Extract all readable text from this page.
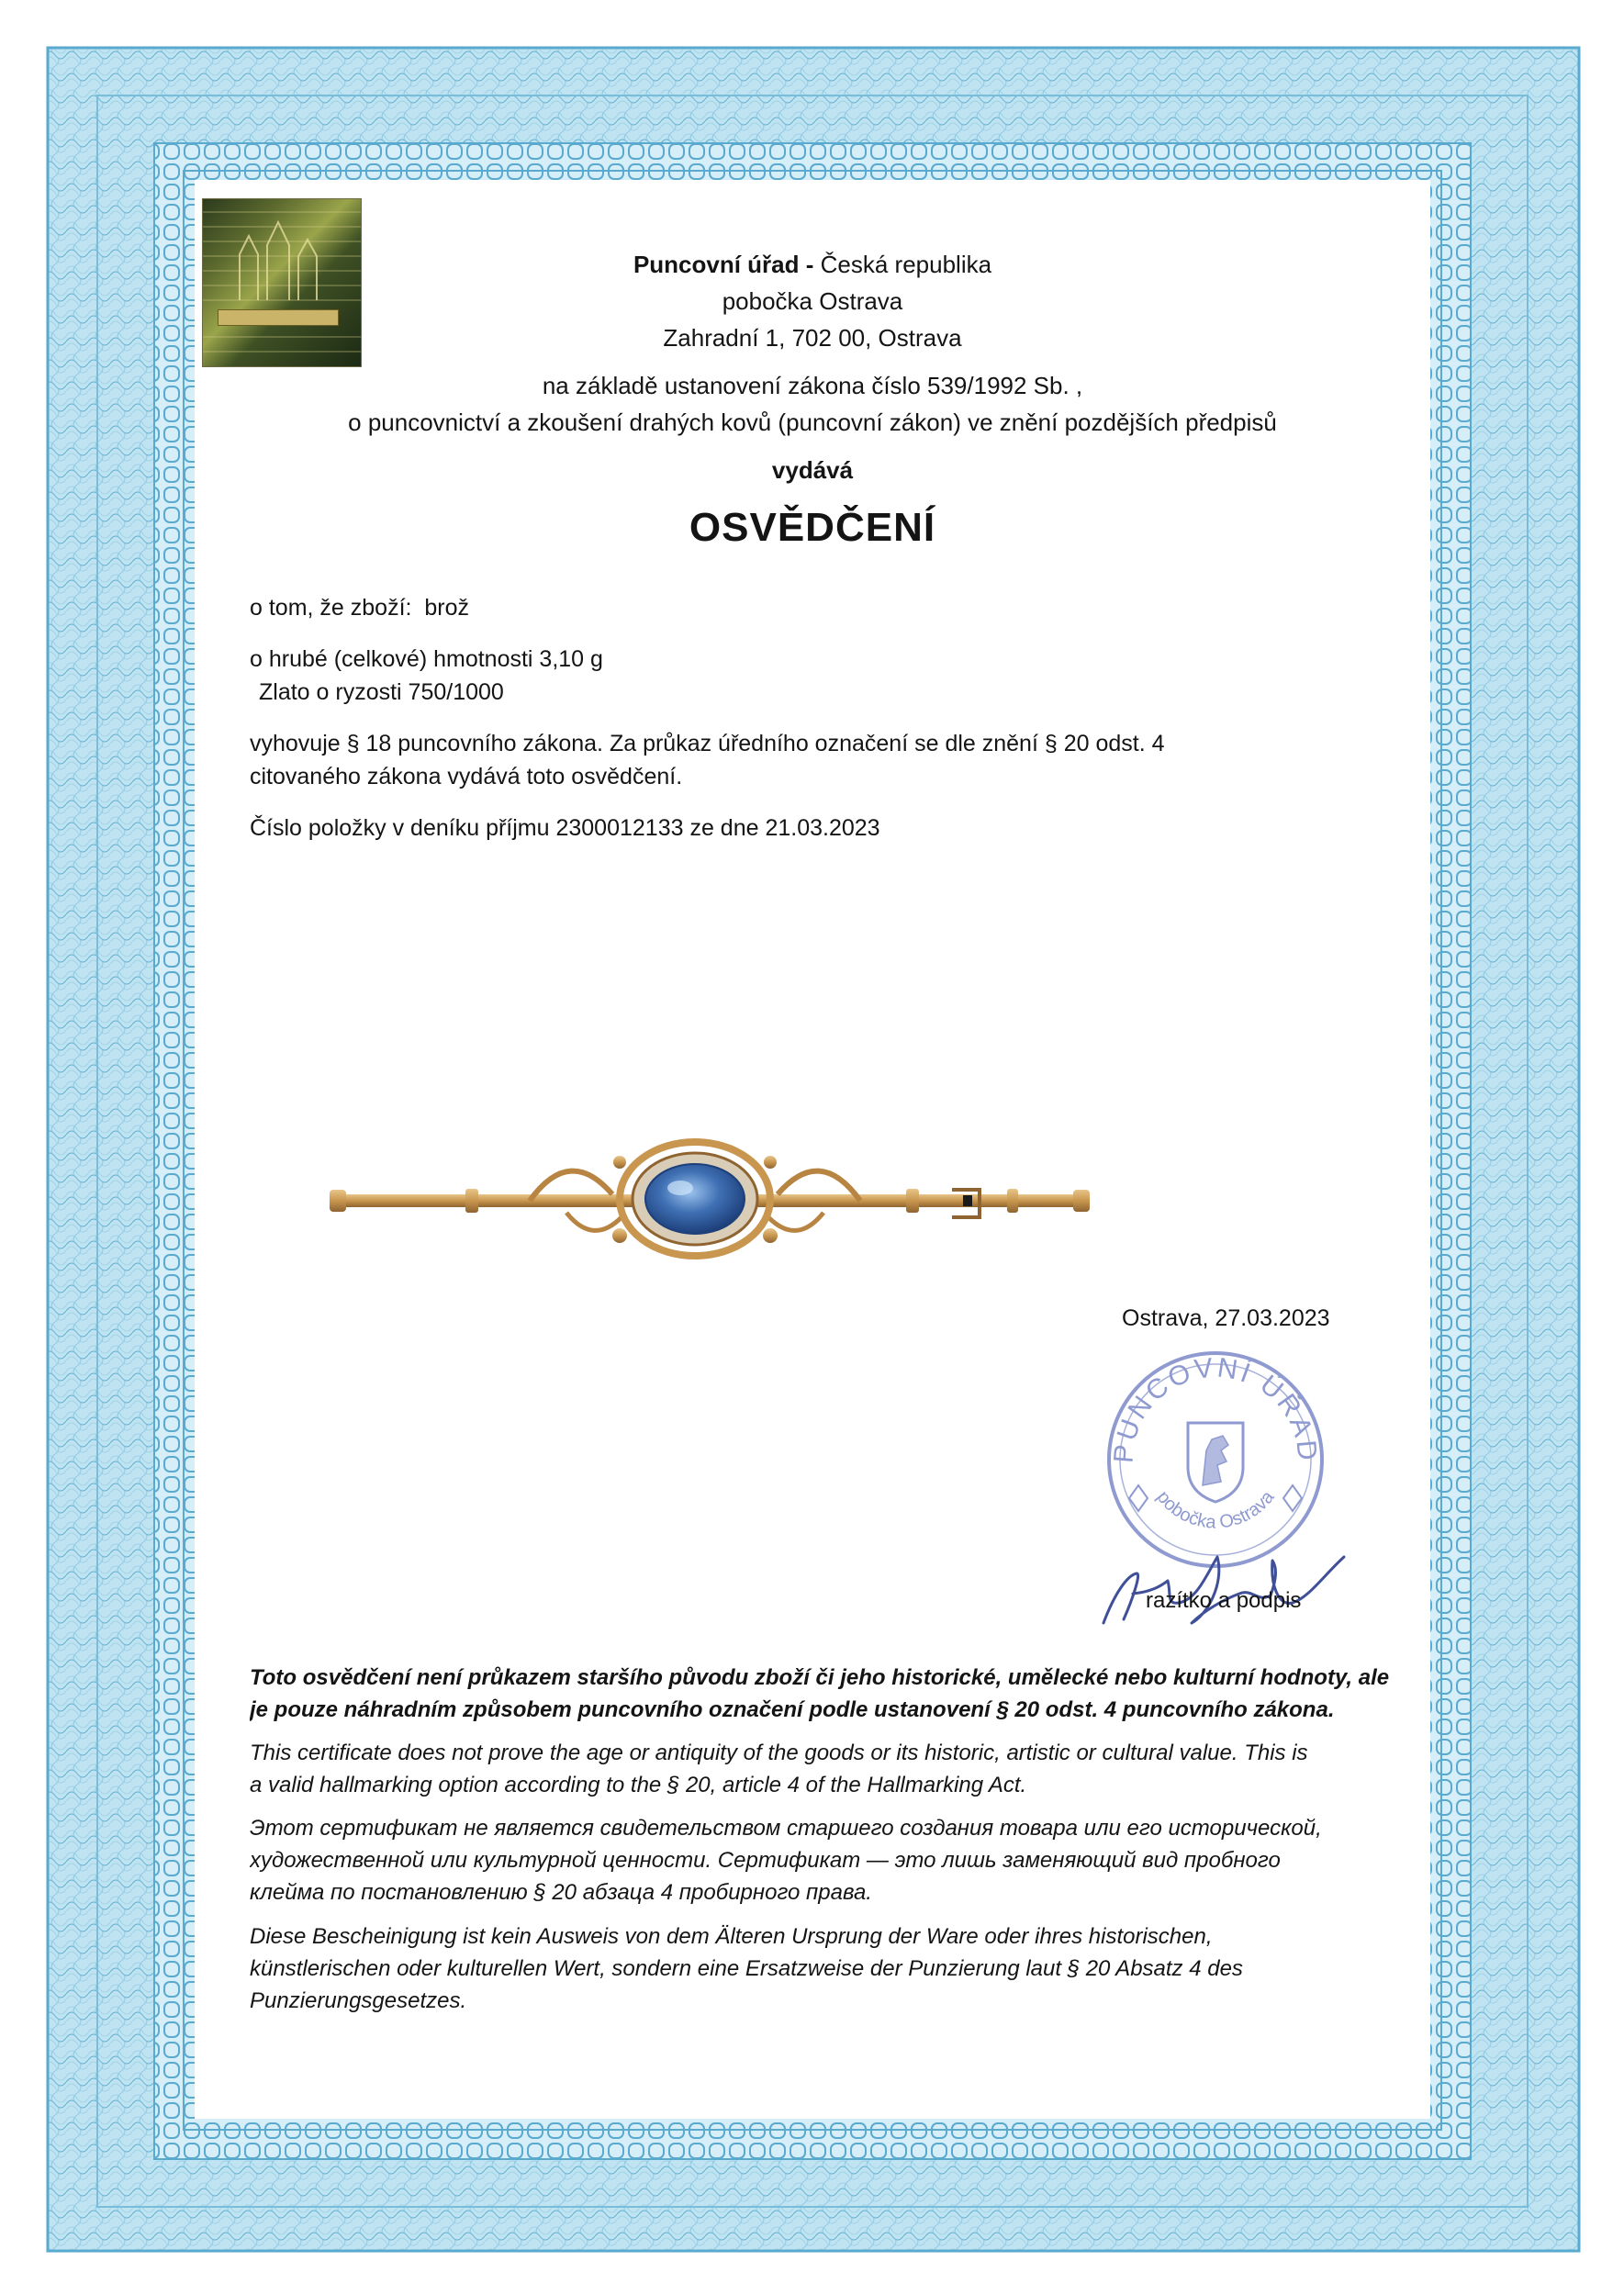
Puncovní úřad - Česká republika
pobočka Ostrava
Zahradní 1, 702 00, Ostrava
na základě ustanovení zákona číslo 539/1992 Sb. ,
o puncovnictví a zkoušení drahých kovů (puncovní zákon) ve znění pozdějších předpisů
vydává
OSVĚDČENÍ
o tom, že zboží: brož
o hrubé (celkové) hmotnosti 3,10 g
Zlato o ryzosti 750/1000
vyhovuje § 18 puncovního zákona. Za průkaz úředního označení se dle znění § 20 odst. 4
citovaného zákona vydává toto osvědčení.
Číslo položky v deníku příjmu 2300012133 ze dne 21.03.2023
Ostrava, 27.03.2023
PUNCOVNÍ ÚŘAD
pobočka Ostrava
razítko a podpis
Toto osvědčení není průkazem staršího původu zboží či jeho historické, umělecké nebo kulturní hodnoty, ale
je pouze náhradním způsobem puncovního označení podle ustanovení § 20 odst. 4 puncovního zákona.
This certificate does not prove the age or antiquity of the goods or its historic, artistic or cultural value. This is
a valid hallmarking option according to the § 20, article 4 of the Hallmarking Act.
Этот сертификат не является свидетельством старшего создания товара или его исторической,
художественной или культурной ценности. Сертификат — это лишь заменяющий вид пробного
клейма по постановлению § 20 абзаца 4 пробирного права.
Diese Bescheinigung ist kein Ausweis von dem Älteren Ursprung der Ware oder ihres historischen,
künstlerischen oder kulturellen Wert, sondern eine Ersatzweise der Punzierung laut § 20 Absatz 4 des
Punzierungsgesetzes.
